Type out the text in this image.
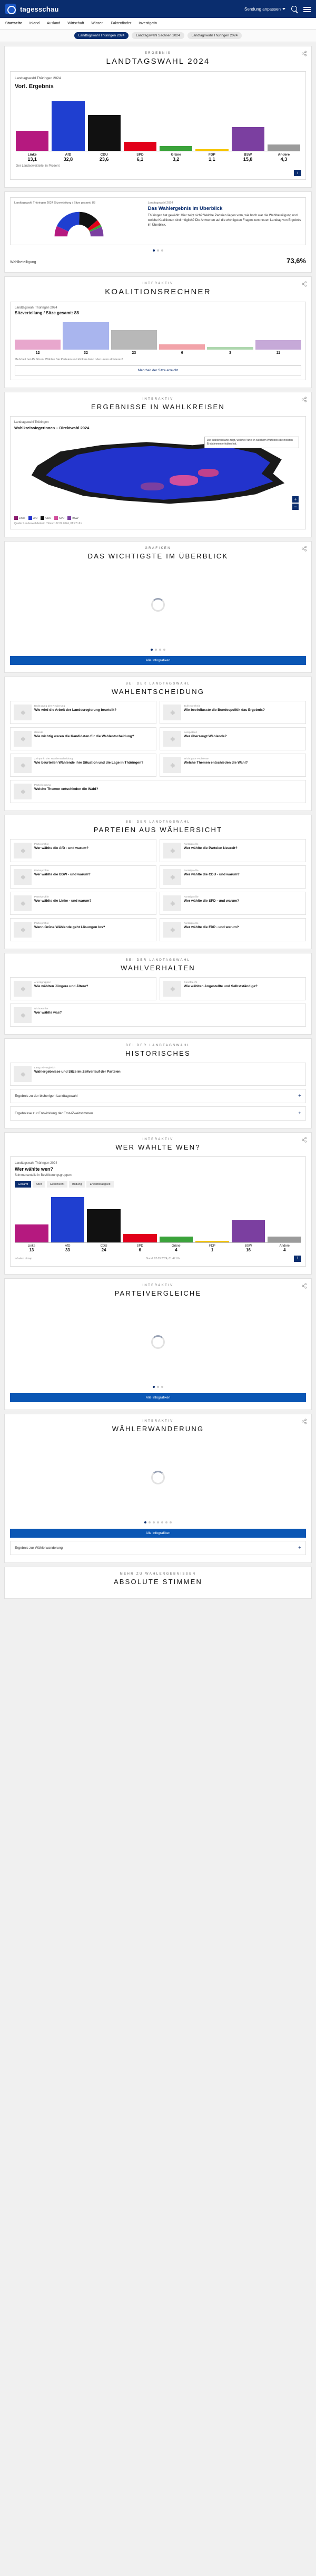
tagesschau	Sendung anpassen
Startseite Inland Ausland Wirtschaft Wissen Faktenfinder Investigativ
Landtagswahl Thüringen 2024	Landtagswahl Sachsen 2024	Landtagswahl Thüringen 2024
ERGEBNIS
LANDTAGSWAHL 2024
Landtagswahl Thüringen 2024
Vorl. Ergebnis
Linke
13,1
AfD
32,8
CDU
23,6
SPD
6,1
Grüne
3,2
FDP
1,1
BSW
15,8
Andere
4,3
Der Landesweitteile, in Prozent
i
Landtagswahl Thüringen 2024 Sitzverteilung / Sitze gesamt: 88	Landtagswahl 2024
Das Wahlergebnis im Überblick
Thüringen hat gewählt: Hier zeigt sich? Welche Parteien liegen vorn, wie hoch war die Wahlbeteiligung und welche Koalitionen sind möglich? Die Antworten auf die wichtigsten Fragen zum neuen Landtag von Ergebnis im Überblick.
Wahlbeteiligung	73,6%
INTERAKTIV
KOALITIONSRECHNER
Landtagswahl Thüringen 2024
Sitzverteilung / Sitze gesamt: 88
12	32	23	6	3	11
Mehrheit bei 45 Sitzen. Wählen Sie Parteien und klicken dann oder unten aktivieren!
Mehrheit der Sitze erreicht
INTERAKTIV
ERGEBNISSE IN WAHLKREISEN
Landtagswahl Thüringen
Wahlkreissiegerinnen – Direktwahl 2024
Die Wahlkreiskarte zeigt, welche Partei in welchem Wahlkreis die meisten Erststimmen erhalten hat.
+
−
Linke	AfD	CDU	SPD	BSW
Quelle: Landeswahlleiterin / Stand: 02.09.2024, 01:47 Uhr
GRAFIKEN
DAS WICHTIGSTE IM ÜBERBLICK
Alle Infografiken
BEI DER LANDTAGSWAHL
WAHLENTSCHEIDUNG
Bedeutung der Regierung
Wie wird die Arbeit der Landesregierung beurteilt?
Zufriedenheit
Wie beeinflusste die Bundespolitik das Ergebnis?
Gründe
Wie wichtig waren die Kandidaten für die Wahlentscheidung?
Kompetenz
Wer überzeugt Wählende?
Zeitpunkt der Wahlentscheidung
Wie beurteilen Wählende ihre Situation und die Lage in Thüringen?
Wichtigste Probleme
Welche Themen entschieden die Wahl?
Parteibindung
Welche Themen entschieden die Wahl?
BEI DER LANDTAGSWAHL
PARTEIEN AUS WÄHLERSICHT
Parteiprofile
Wer wählte die AfD - und warum?
Parteiprofile
Wer wählte die Parteien Neuzeit?
Parteiprofile
Wer wählte die BSW - und warum?
Parteiprofile
Wer wählte die CDU - und warum?
Parteiprofile
Wer wählte die Linke - und warum?
Parteiprofile
Wer wählte die SPD - und warum?
Parteiprofile
Wenn Grüne Wählende geht Lösungen los?
Parteiprofile
Wer wählte die FDP - und warum?
BEI DER LANDTAGSWAHL
WAHLVERHALTEN
Altersgruppen
Wie wählten Jüngere und Ältere?
Geschlecht
Wie wählten Angestellte und Selbstständige?
Nichtwähler
Wer wählte was?
BEI DER LANDTAGSWAHL
HISTORISCHES
Langzeitvergleich
Wahlergebnisse und Sitze im Zeitverlauf der Parteien
Ergebnis zu der bisherigen Landtagswahl	+
Ergebnisse zur Entwicklung der Erst-/Zweitstimmen	+
INTERAKTIV
WER WÄHLTE WEN?
Landtagswahl Thüringen 2024
Wer wählte wen?
Stimmenanteile in Bevölkerungsgruppen
Gesamt	Alter	Geschlecht	Bildung	Erwerbstätigkeit
Linke
13
AfD
33
CDU
24
SPD
6
Grüne
4
FDP
1
BSW
16
Andere
4
Infratest dimap	Stand: 02.09.2024, 01:47 Uhr	i
INTERAKTIV
PARTEIVERGLEICHE
Alle Infografiken
INTERAKTIV
WÄHLERWANDERUNG
Alle Infografiken
Ergebnis zur Wählerwanderung	+
MEHR ZU WAHLERGEBNISSEN
ABSOLUTE STIMMEN
